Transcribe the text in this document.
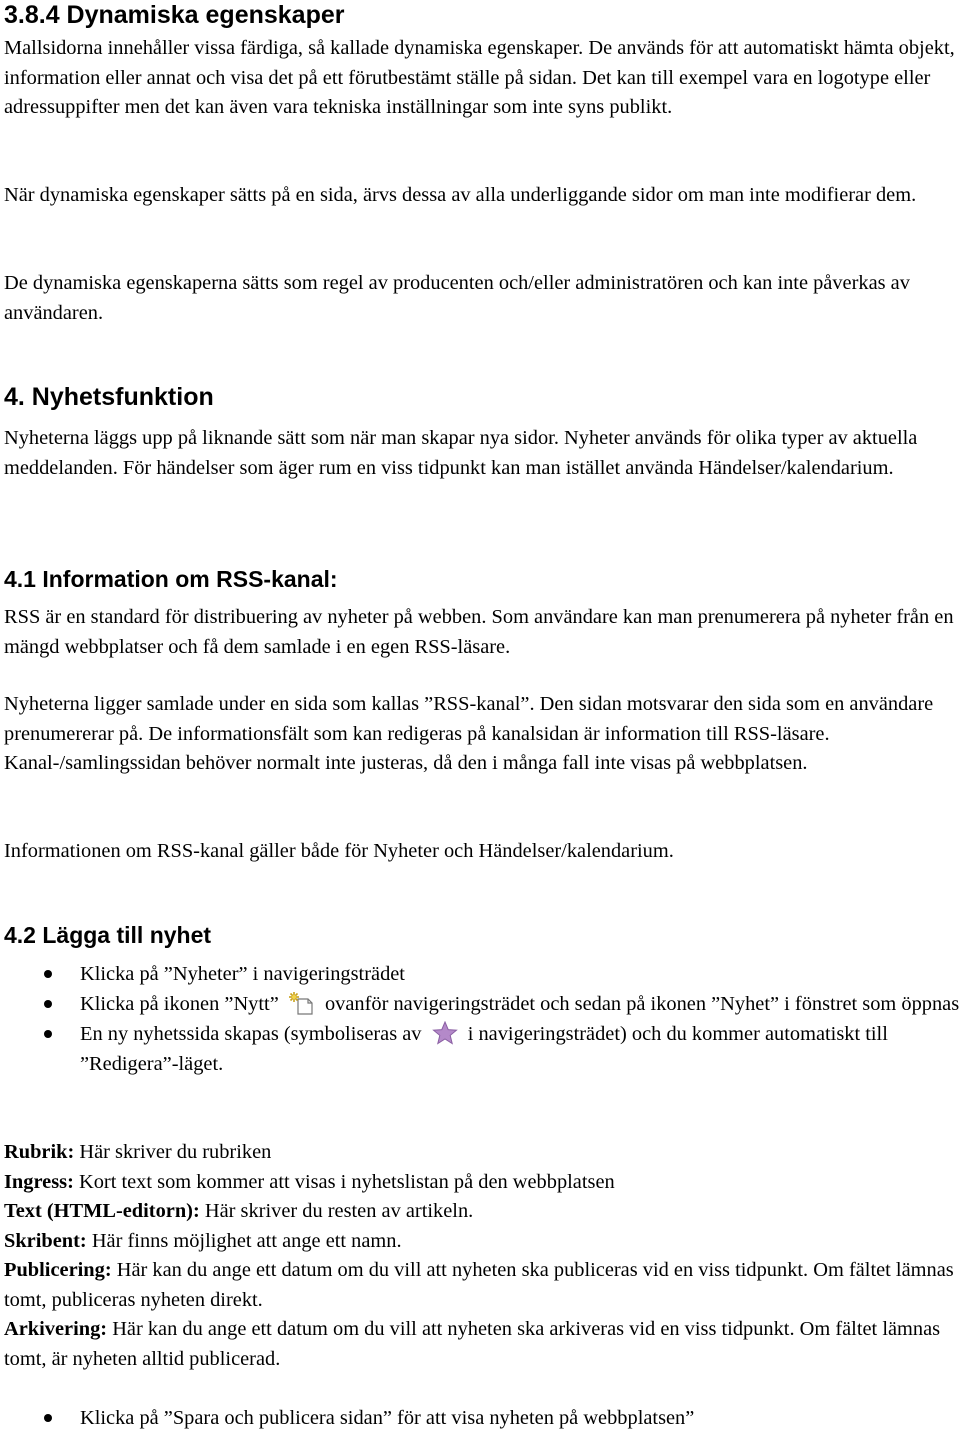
3.8.4 Dynamiska egenskaper

Mallsidorna innehåller vissa färdiga, så kallade dynamiska egenskaper. De används för att automatiskt hämta objekt, information eller annat och visa det på ett förutbestämt ställe på sidan. Det kan till exempel vara en logotype eller adressuppifter men det kan även vara tekniska inställningar som inte syns publikt.

När dynamiska egenskaper sätts på en sida, ärvs dessa av alla underliggande sidor om man inte modifierar dem.

De dynamiska egenskaperna sätts som regel av producenten och/eller administratören och kan inte påverkas av användaren.

4. Nyhetsfunktion

Nyheterna läggs upp på liknande sätt som när man skapar nya sidor. Nyheter används för olika typer av aktuella meddelanden. För händelser som äger rum en viss tidpunkt kan man istället använda Händelser/kalendarium.

4.1 Information om RSS-kanal:

RSS är en standard för distribuering av nyheter på webben. Som användare kan man prenumerera på nyheter från en mängd webbplatser och få dem samlade i en egen RSS-läsare.

Nyheterna ligger samlade under en sida som kallas ”RSS-kanal”. Den sidan motsvarar den sida som en användare prenumererar på. De informationsfält som kan redigeras på kanalsidan är information till RSS-läsare. Kanal-/samlingssidan behöver normalt inte justeras, då den i många fall inte visas på webbplatsen.

Informationen om RSS-kanal gäller både för Nyheter och Händelser/kalendarium.

4.2 Lägga till nyhet
Klicka på ”Nyheter” i navigeringsträdet
Klicka på ikonen ”Nytt” ovanför navigeringsträdet och sedan på ikonen ”Nyhet” i fönstret som öppnas
En ny nyhetssida skapas (symboliseras av i navigeringsträdet) och du kommer automatiskt till ”Redigera”-läget.
Rubrik: Här skriver du rubriken
Ingress: Kort text som kommer att visas i nyhetslistan på den webbplatsen
Text (HTML-editorn): Här skriver du resten av artikeln.
Skribent: Här finns möjlighet att ange ett namn.
Publicering: Här kan du ange ett datum om du vill att nyheten ska publiceras vid en viss tidpunkt. Om fältet lämnas tomt, publiceras nyheten direkt.
Arkivering: Här kan du ange ett datum om du vill att nyheten ska arkiveras vid en viss tidpunkt. Om fältet lämnas tomt, är nyheten alltid publicerad.
Klicka på ”Spara och publicera sidan” för att visa nyheten på webbplatsen”
